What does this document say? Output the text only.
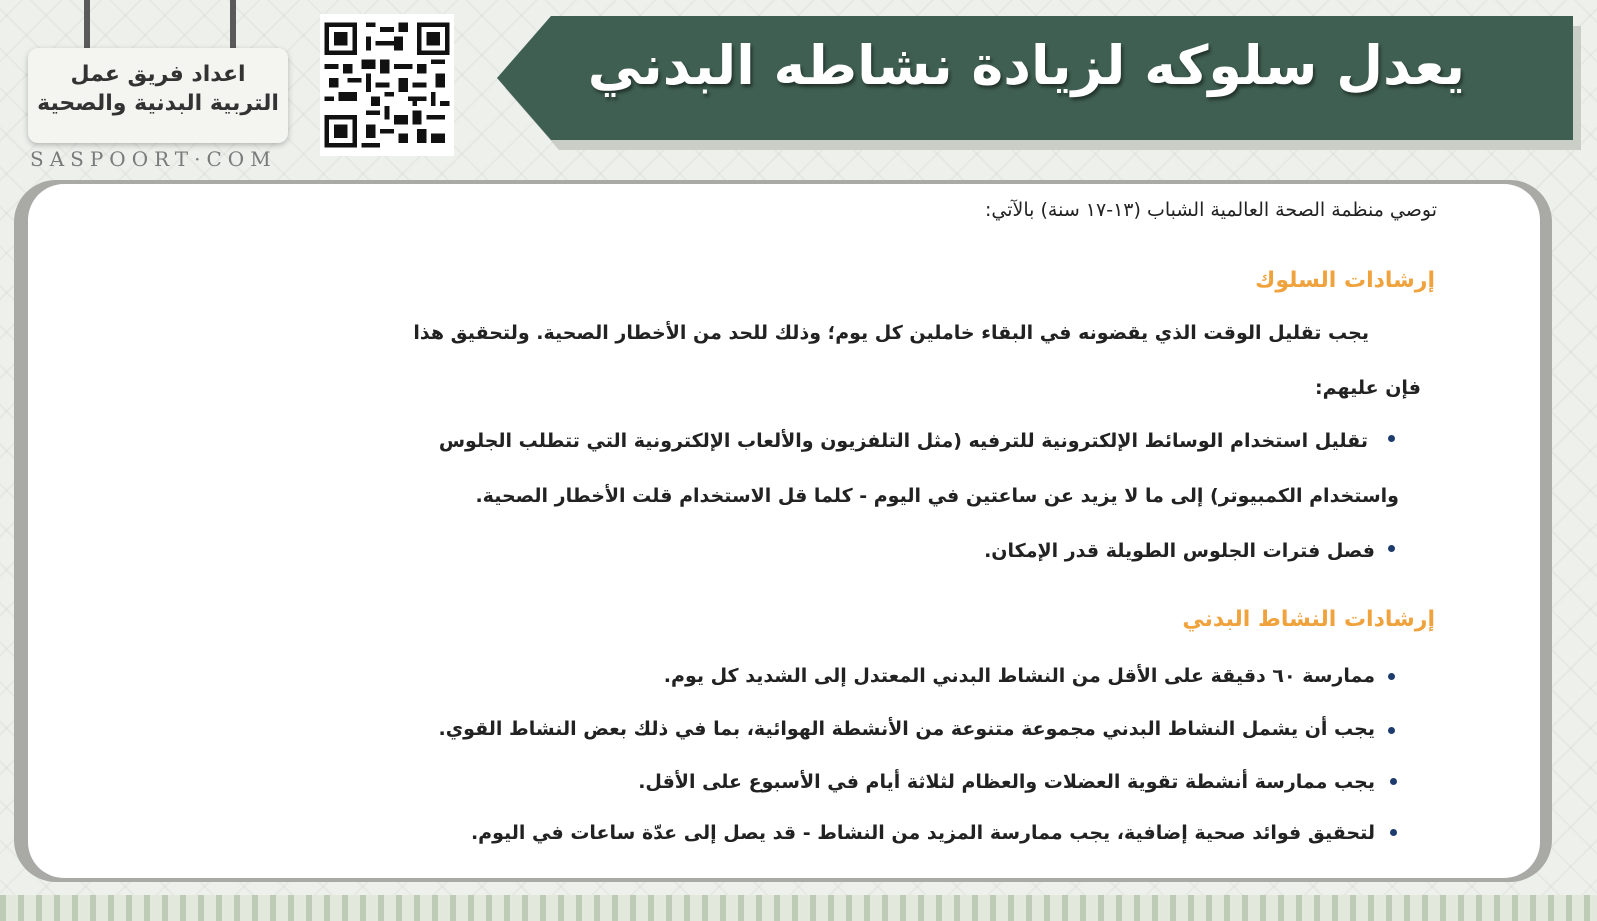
اعداد فريق عمل
التربية البدنية والصحية
SASPOORT·COM
يعدل سلوكه لزيادة نشاطه البدني
توصي منظمة الصحة العالمية الشباب (١٣-١٧ سنة) بالآتي:
إرشادات السلوك
يجب تقليل الوقت الذي يقضونه في البقاء خاملين كل يوم؛ وذلك للحد من الأخطار الصحية. ولتحقيق هذا
فإن عليهم:
تقليل استخدام الوسائط الإلكترونية للترفيه (مثل التلفزيون والألعاب الإلكترونية التي تتطلب الجلوس
واستخدام الكمبيوتر) إلى ما لا يزيد عن ساعتين في اليوم - كلما قل الاستخدام قلت الأخطار الصحية.
فصل فترات الجلوس الطويلة قدر الإمكان.
إرشادات النشاط البدني
ممارسة ٦٠ دقيقة على الأقل من النشاط البدني المعتدل إلى الشديد كل يوم.
يجب أن يشمل النشاط البدني مجموعة متنوعة من الأنشطة الهوائية، بما في ذلك بعض النشاط القوي.
يجب ممارسة أنشطة تقوية العضلات والعظام لثلاثة أيام في الأسبوع على الأقل.
لتحقيق فوائد صحية إضافية، يجب ممارسة المزيد من النشاط - قد يصل إلى عدّة ساعات في اليوم.
